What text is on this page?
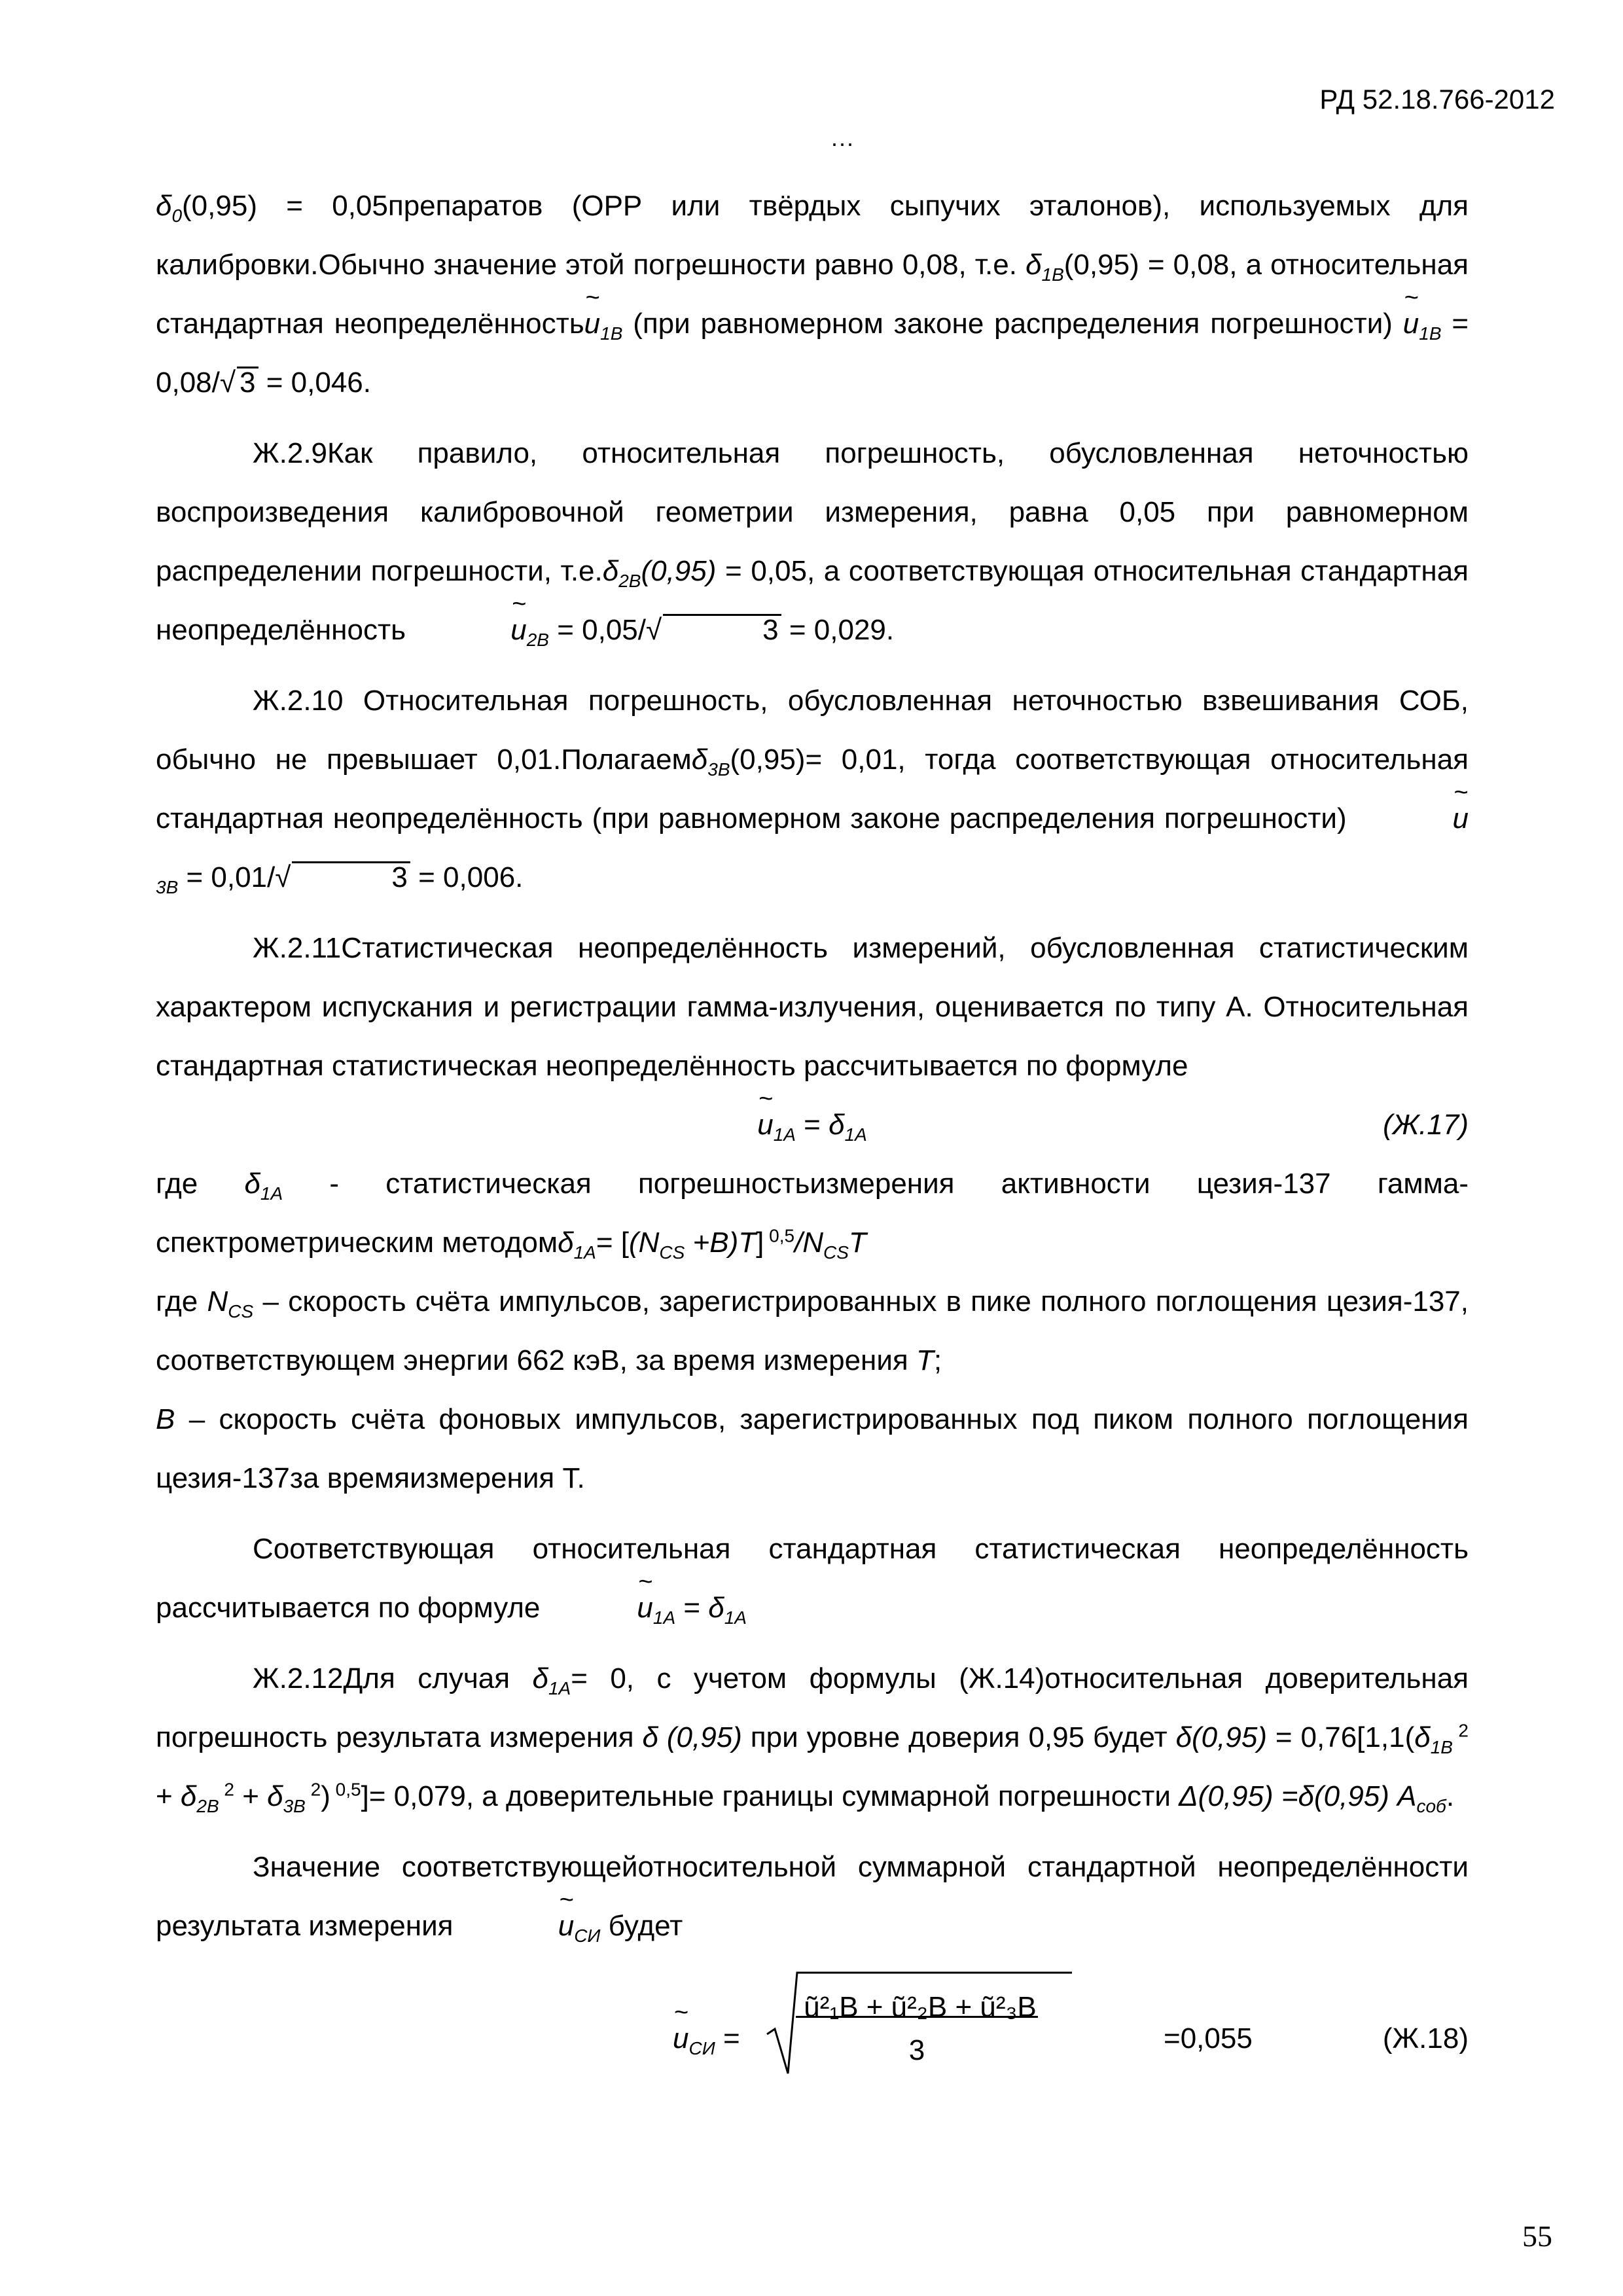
РД 52.18.766-2012
...

$\delta_0(0,95)$ = 0,05препаратов (ОРР или твёрдых сыпучих эталонов), используемых для калибровки.Обычно значение этой погрешности равно 0,08, т.е. $\delta_{1В}(0,95) = 0,08$, а относительная стандартная неопределённость~ $u_{1В}$ (при равномерном законе распределения погрешности) ~ $u_{1В} = 0,08/√$ 3 = 0,046.

Ж.2.9Как правило, относительная погрешность, обусловленная неточностью воспроизведения калибровочной геометрии измерения, равна 0,05 при равномерном распределении погрешности, $т.е.\delta_{2В}(0,95) = 0,05$, а соответствующая относительная стандартная неопределённость	~ $u_{2В} = 0,05/√$	3 = 0,029.

Ж.2.10 Относительная погрешность, обусловленная неточностью взвешивания СОБ, обычно не превышает 0,01.Полагаемδ$_{3В}$(0,95)= 0,01, тогда соответствующая относительная стандартная неопределённость (при равномерном законе распределения погрешности)	~ $u_{3В} = 0,01/√$	3 = 0,006.

Ж.2.11Статистическая неопределённость измерений, обусловленная статистическим характером испускания и регистрации гамма-излучения, оценивается по типу А. Относительная стандартная статистическая неопределённость рассчитывается по формуле

~ $u_{1А} = \delta_{1А}$	(Ж.17)

где $\delta_{1А}$ - статистическая погрешностьизмерения активности цезия-137 гамма-спектрометрическим методомδ$_{1А}$= $[(N_{CS} +B)T]$ $^{0,5}/N_{CS}T$

где $N_{CS}$ – скорость счёта импульсов, зарегистрированных в пике полного поглощения цезия-137, соответствующем энергии 662 кэВ, за время измерения T;

B – скорость счёта фоновых импульсов, зарегистрированных под пиком полного поглощения цезия-137за времяизмерения Т.

Соответствующая относительная стандартная статистическая неопределённость рассчитывается по формуле	~ $u_{1А} = \delta_{1А}$

Ж.2.12Для случая $\delta_{1А}= 0$, с учетом формулы (Ж.14)относительная доверительная погрешность результата измерения δ (0,95) при уровне доверия 0,95 будет $\delta(0,95) = 0,76[1,1(\delta_{1В}$ $^2 + \delta_{2В}$ $^2 + \delta_{3В}$ $^2$) $^{0,5}$]= 0,079, а доверительные границы суммарной погрешности Δ(0,95) =δ(0,95) $A_{соб}$.

Значение соответствующейотносительной суммарной стандартной неопределённости результата измерения	~ $u_{СИ}$ будет

~ $u_{СИ}$ =
ũ²₁В + ũ²₂В + ũ²₃В
3	=0,055	(Ж.18)
55
